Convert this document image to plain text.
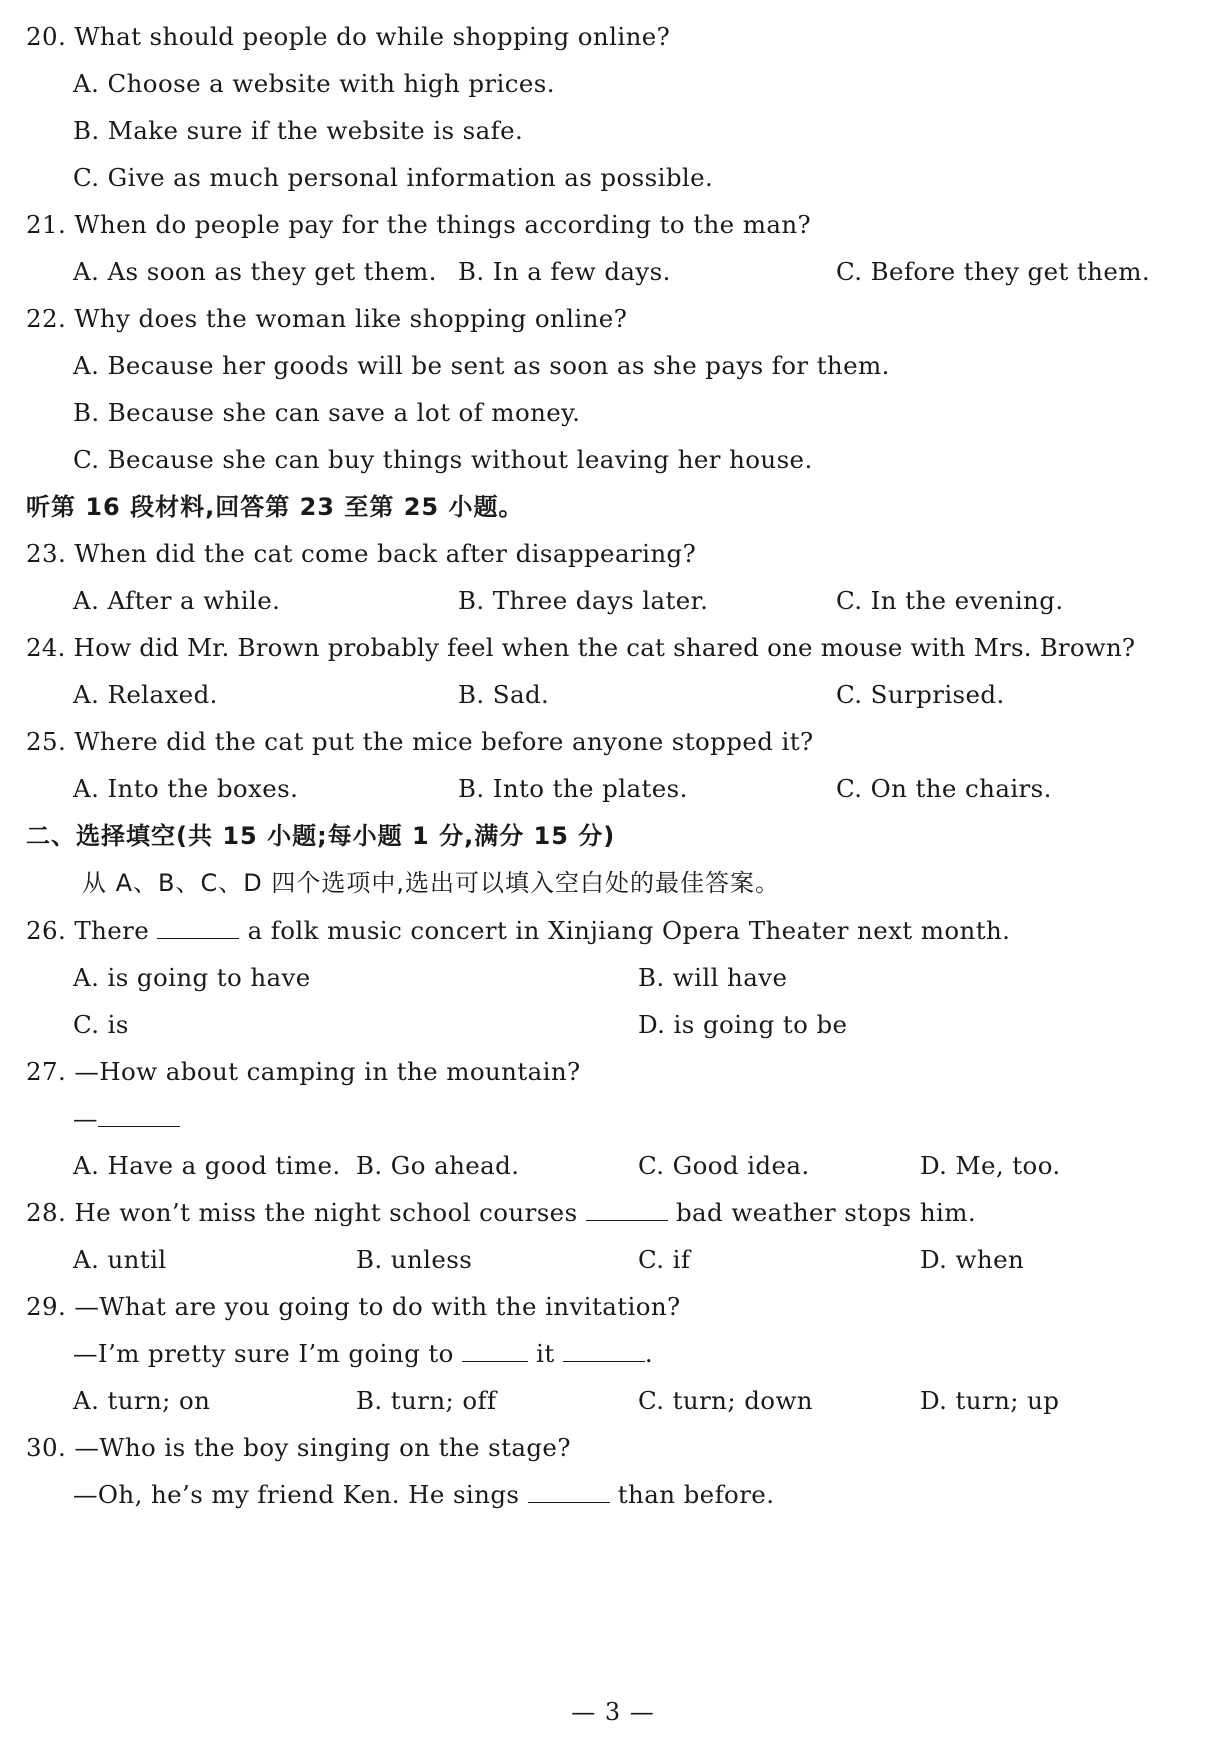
20. What should people do while shopping online?
A. Choose a website with high prices.
B. Make sure if the website is safe.
C. Give as much personal information as possible.
21. When do people pay for the things according to the man?
A. As soon as they get them. B. In a few days.	C. Before they get them.
22. Why does the woman like shopping online?
A. Because her goods will be sent as soon as she pays for them.
B. Because she can save a lot of money.
C. Because she can buy things without leaving her house.
听第 16 段材料,回答第 23 至第 25 小题。
23. When did the cat come back after disappearing?
A. After a while.	B. Three days later.	C. In the evening.
24. How did Mr. Brown probably feel when the cat shared one mouse with Mrs. Brown?
A. Relaxed.	B. Sad.	C. Surprised.
25. Where did the cat put the mice before anyone stopped it?
A. Into the boxes.	B. Into the plates.	C. On the chairs.
二、选择填空(共 15 小题;每小题 1 分,满分 15 分)
从 A、B、C、D 四个选项中,选出可以填入空白处的最佳答案。
26. There	a folk music concert in Xinjiang Opera Theater next month.
A. is going to have	B. will have
C. is	D. is going to be
27. —How about camping in the mountain?
—
A. Have a good time. B. Go ahead.	C. Good idea.	D. Me, too.
28. He won’t miss the night school courses	bad weather stops him.
A. until	B. unless	C. if	D. when
29. —What are you going to do with the invitation?
—I’m pretty sure I’m going to	it	.
A. turn; on	B. turn; off	C. turn; down	D. turn; up
30. —Who is the boy singing on the stage?
—Oh, he’s my friend Ken. He sings	than before.
— 3 —
